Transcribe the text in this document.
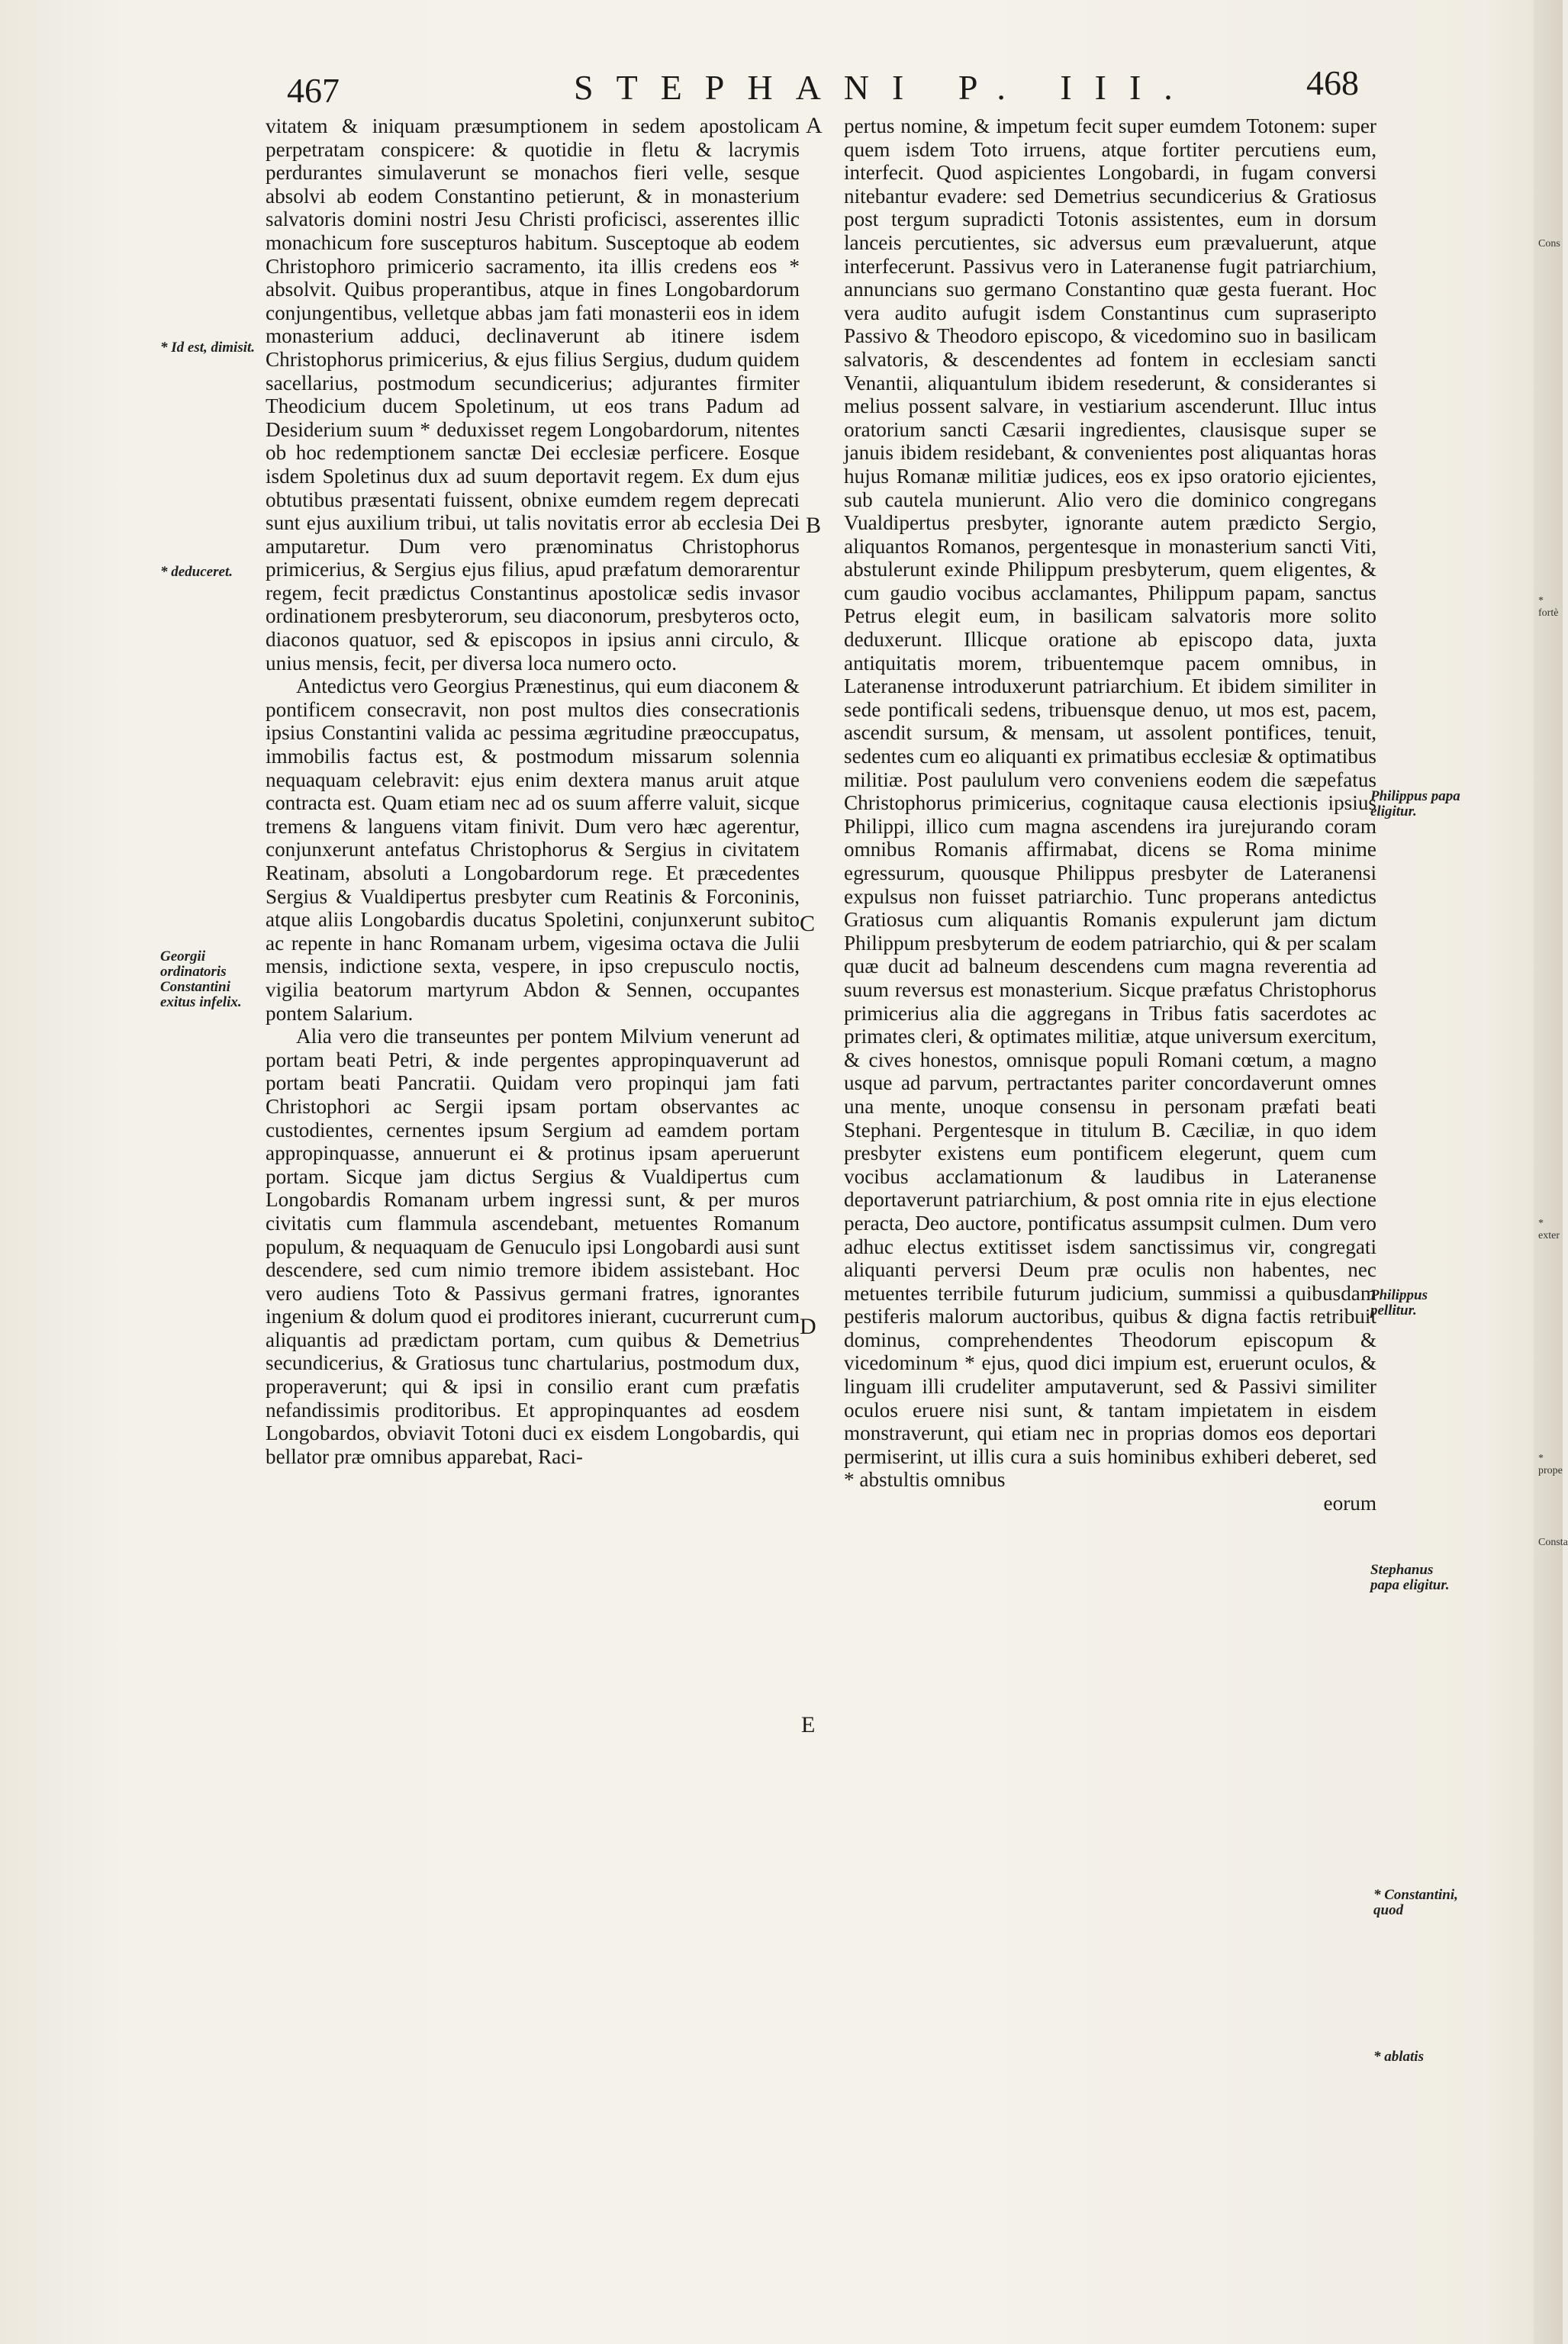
467	STEPHANI P. III.	468

vitatem & iniquam præsumptionem in sedem apostolicam perpetratam conspicere: & quotidie in fletu & lacrymis perdurantes simulaverunt se monachos fieri velle, sesque absolvi ab eodem Constantino petierunt, & in monasterium salvatoris domini nostri Jesu Christi proficisci, asserentes illic monachicum fore suscepturos habitum. Susceptoque ab eodem Christophoro primicerio sacramento, ita illis credens eos * absolvit. Quibus properantibus, atque in fines Longobardorum conjungentibus, velletque abbas jam fati monasterii eos in idem monasterium adduci, declinaverunt ab itinere isdem Christophorus primicerius, & ejus filius Sergius, dudum quidem sacellarius, postmodum secundicerius; adjurantes firmiter Theodicium ducem Spoletinum, ut eos trans Padum ad Desiderium suum * deduxisset regem Longobardorum, nitentes ob hoc redemptionem sanctæ Dei ecclesiæ perficere. Eosque isdem Spoletinus dux ad suum deportavit regem. Ex dum ejus obtutibus præsentati fuissent, obnixe eumdem regem deprecati sunt ejus auxilium tribui, ut talis novitatis error ab ecclesia Dei amputaretur. Dum vero prænominatus Christophorus primicerius, & Sergius ejus filius, apud præfatum demorarentur regem, fecit prædictus Constantinus apostolicæ sedis invasor ordinationem presbyterorum, seu diaconorum, presbyteros octo, diaconos quatuor, sed & episcopos in ipsius anni circulo, & unius mensis, fecit, per diversa loca numero octo.

Antedictus vero Georgius Prænestinus, qui eum diaconem & pontificem consecravit, non post multos dies consecrationis ipsius Constantini valida ac pessima ægritudine præoccupatus, immobilis factus est, & postmodum missarum solennia nequaquam celebravit: ejus enim dextera manus aruit atque contracta est. Quam etiam nec ad os suum afferre valuit, sicque tremens & languens vitam finivit. Dum vero hæc agerentur, conjunxerunt antefatus Christophorus & Sergius in civitatem Reatinam, absoluti a Longobardorum rege. Et præcedentes Sergius & Vualdipertus presbyter cum Reatinis & Forconinis, atque aliis Longobardis ducatus Spoletini, conjunxerunt subito ac repente in hanc Romanam urbem, vigesima octava die Julii mensis, indictione sexta, vespere, in ipso crepusculo noctis, vigilia beatorum martyrum Abdon & Sennen, occupantes pontem Salarium.

Alia vero die transeuntes per pontem Milvium venerunt ad portam beati Petri, & inde pergentes appropinquaverunt ad portam beati Pancratii. Quidam vero propinqui jam fati Christophori ac Sergii ipsam portam observantes ac custodientes, cernentes ipsum Sergium ad eamdem portam appropinquasse, annuerunt ei & protinus ipsam aperuerunt portam. Sicque jam dictus Sergius & Vualdipertus cum Longobardis Romanam urbem ingressi sunt, & per muros civitatis cum flammula ascendebant, metuentes Romanum populum, & nequaquam de Genuculo ipsi Longobardi ausi sunt descendere, sed cum nimio tremore ibidem assistebant. Hoc vero audiens Toto & Passivus germani fratres, ignorantes ingenium & dolum quod ei proditores inierant, cucurrerunt cum aliquantis ad prædictam portam, cum quibus & Demetrius secundicerius, & Gratiosus tunc chartularius, postmodum dux, properaverunt; qui & ipsi in consilio erant cum præfatis nefandissimis proditoribus. Et appropinquantes ad eosdem Longobardos, obviavit Totoni duci ex eisdem Longobardis, qui bellator præ omnibus apparebat, Raci-

pertus nomine, & impetum fecit super eumdem Totonem: super quem isdem Toto irruens, atque fortiter percutiens eum, interfecit. Quod aspicientes Longobardi, in fugam conversi nitebantur evadere: sed Demetrius secundicerius & Gratiosus post tergum supradicti Totonis assistentes, eum in dorsum lanceis percutientes, sic adversus eum prævaluerunt, atque interfecerunt. Passivus vero in Lateranense fugit patriarchium, annuncians suo germano Constantino quæ gesta fuerant. Hoc vera audito aufugit isdem Constantinus cum supraseripto Passivo & Theodoro episcopo, & vicedomino suo in basilicam salvatoris, & descendentes ad fontem in ecclesiam sancti Venantii, aliquantulum ibidem resederunt, & considerantes si melius possent salvare, in vestiarium ascenderunt. Illuc intus oratorium sancti Cæsarii ingredientes, clausisque super se januis ibidem residebant, & convenientes post aliquantas horas hujus Romanæ militiæ judices, eos ex ipso oratorio ejicientes, sub cautela munierunt. Alio vero die dominico congregans Vualdipertus presbyter, ignorante autem prædicto Sergio, aliquantos Romanos, pergentesque in monasterium sancti Viti, abstulerunt exinde Philippum presbyterum, quem eligentes, & cum gaudio vocibus acclamantes, Philippum papam, sanctus Petrus elegit eum, in basilicam salvatoris more solito deduxerunt. Illicque oratione ab episcopo data, juxta antiquitatis morem, tribuentemque pacem omnibus, in Lateranense introduxerunt patriarchium. Et ibidem similiter in sede pontificali sedens, tribuensque denuo, ut mos est, pacem, ascendit sursum, & mensam, ut assolent pontifices, tenuit, sedentes cum eo aliquanti ex primatibus ecclesiæ & optimatibus militiæ. Post paululum vero conveniens eodem die sæpefatus Christophorus primicerius, cognitaque causa electionis ipsius Philippi, illico cum magna ascendens ira jurejurando coram omnibus Romanis affirmabat, dicens se Roma minime egressurum, quousque Philippus presbyter de Lateranensi expulsus non fuisset patriarchio. Tunc properans antedictus Gratiosus cum aliquantis Romanis expulerunt jam dictum Philippum presbyterum de eodem patriarchio, qui & per scalam quæ ducit ad balneum descendens cum magna reverentia ad suum reversus est monasterium. Sicque præfatus Christophorus primicerius alia die aggregans in Tribus fatis sacerdotes ac primates cleri, & optimates militiæ, atque universum exercitum, & cives honestos, omnisque populi Romani cœtum, a magno usque ad parvum, pertractantes pariter concordaverunt omnes una mente, unoque consensu in personam præfati beati Stephani. Pergentesque in titulum B. Cæciliæ, in quo idem presbyter existens eum pontificem elegerunt, quem cum vocibus acclamationum & laudibus in Lateranense deportaverunt patriarchium, & post omnia rite in ejus electione peracta, Deo auctore, pontificatus assumpsit culmen. Dum vero adhuc electus extitisset isdem sanctissimus vir, congregati aliquanti perversi Deum præ oculis non habentes, nec metuentes terribile futurum judicium, summissi a quibusdam pestiferis malorum auctoribus, quibus & digna factis retribuit dominus, comprehendentes Theodorum episcopum & vicedominum * ejus, quod dici impium est, eruerunt oculos, & linguam illi crudeliter amputaverunt, sed & Passivi similiter oculos eruere nisi sunt, & tantam impietatem in eisdem monstraverunt, qui etiam nec in proprias domos eos deportari permiserint, ut illis cura a suis hominibus exhiberi deberet, sed * abstultis omnibus

eorum

A
B
C
D
E
* Id est, dimisit.
* deduceret.
Georgii ordinatoris Constantini exitus infelix.
Philippus papa eligitur.
Philippus pellitur.
Stephanus papa eligitur.
* Constantini, quod
* ablatis
Cons
* fortè
* exter
* prope
Consta
